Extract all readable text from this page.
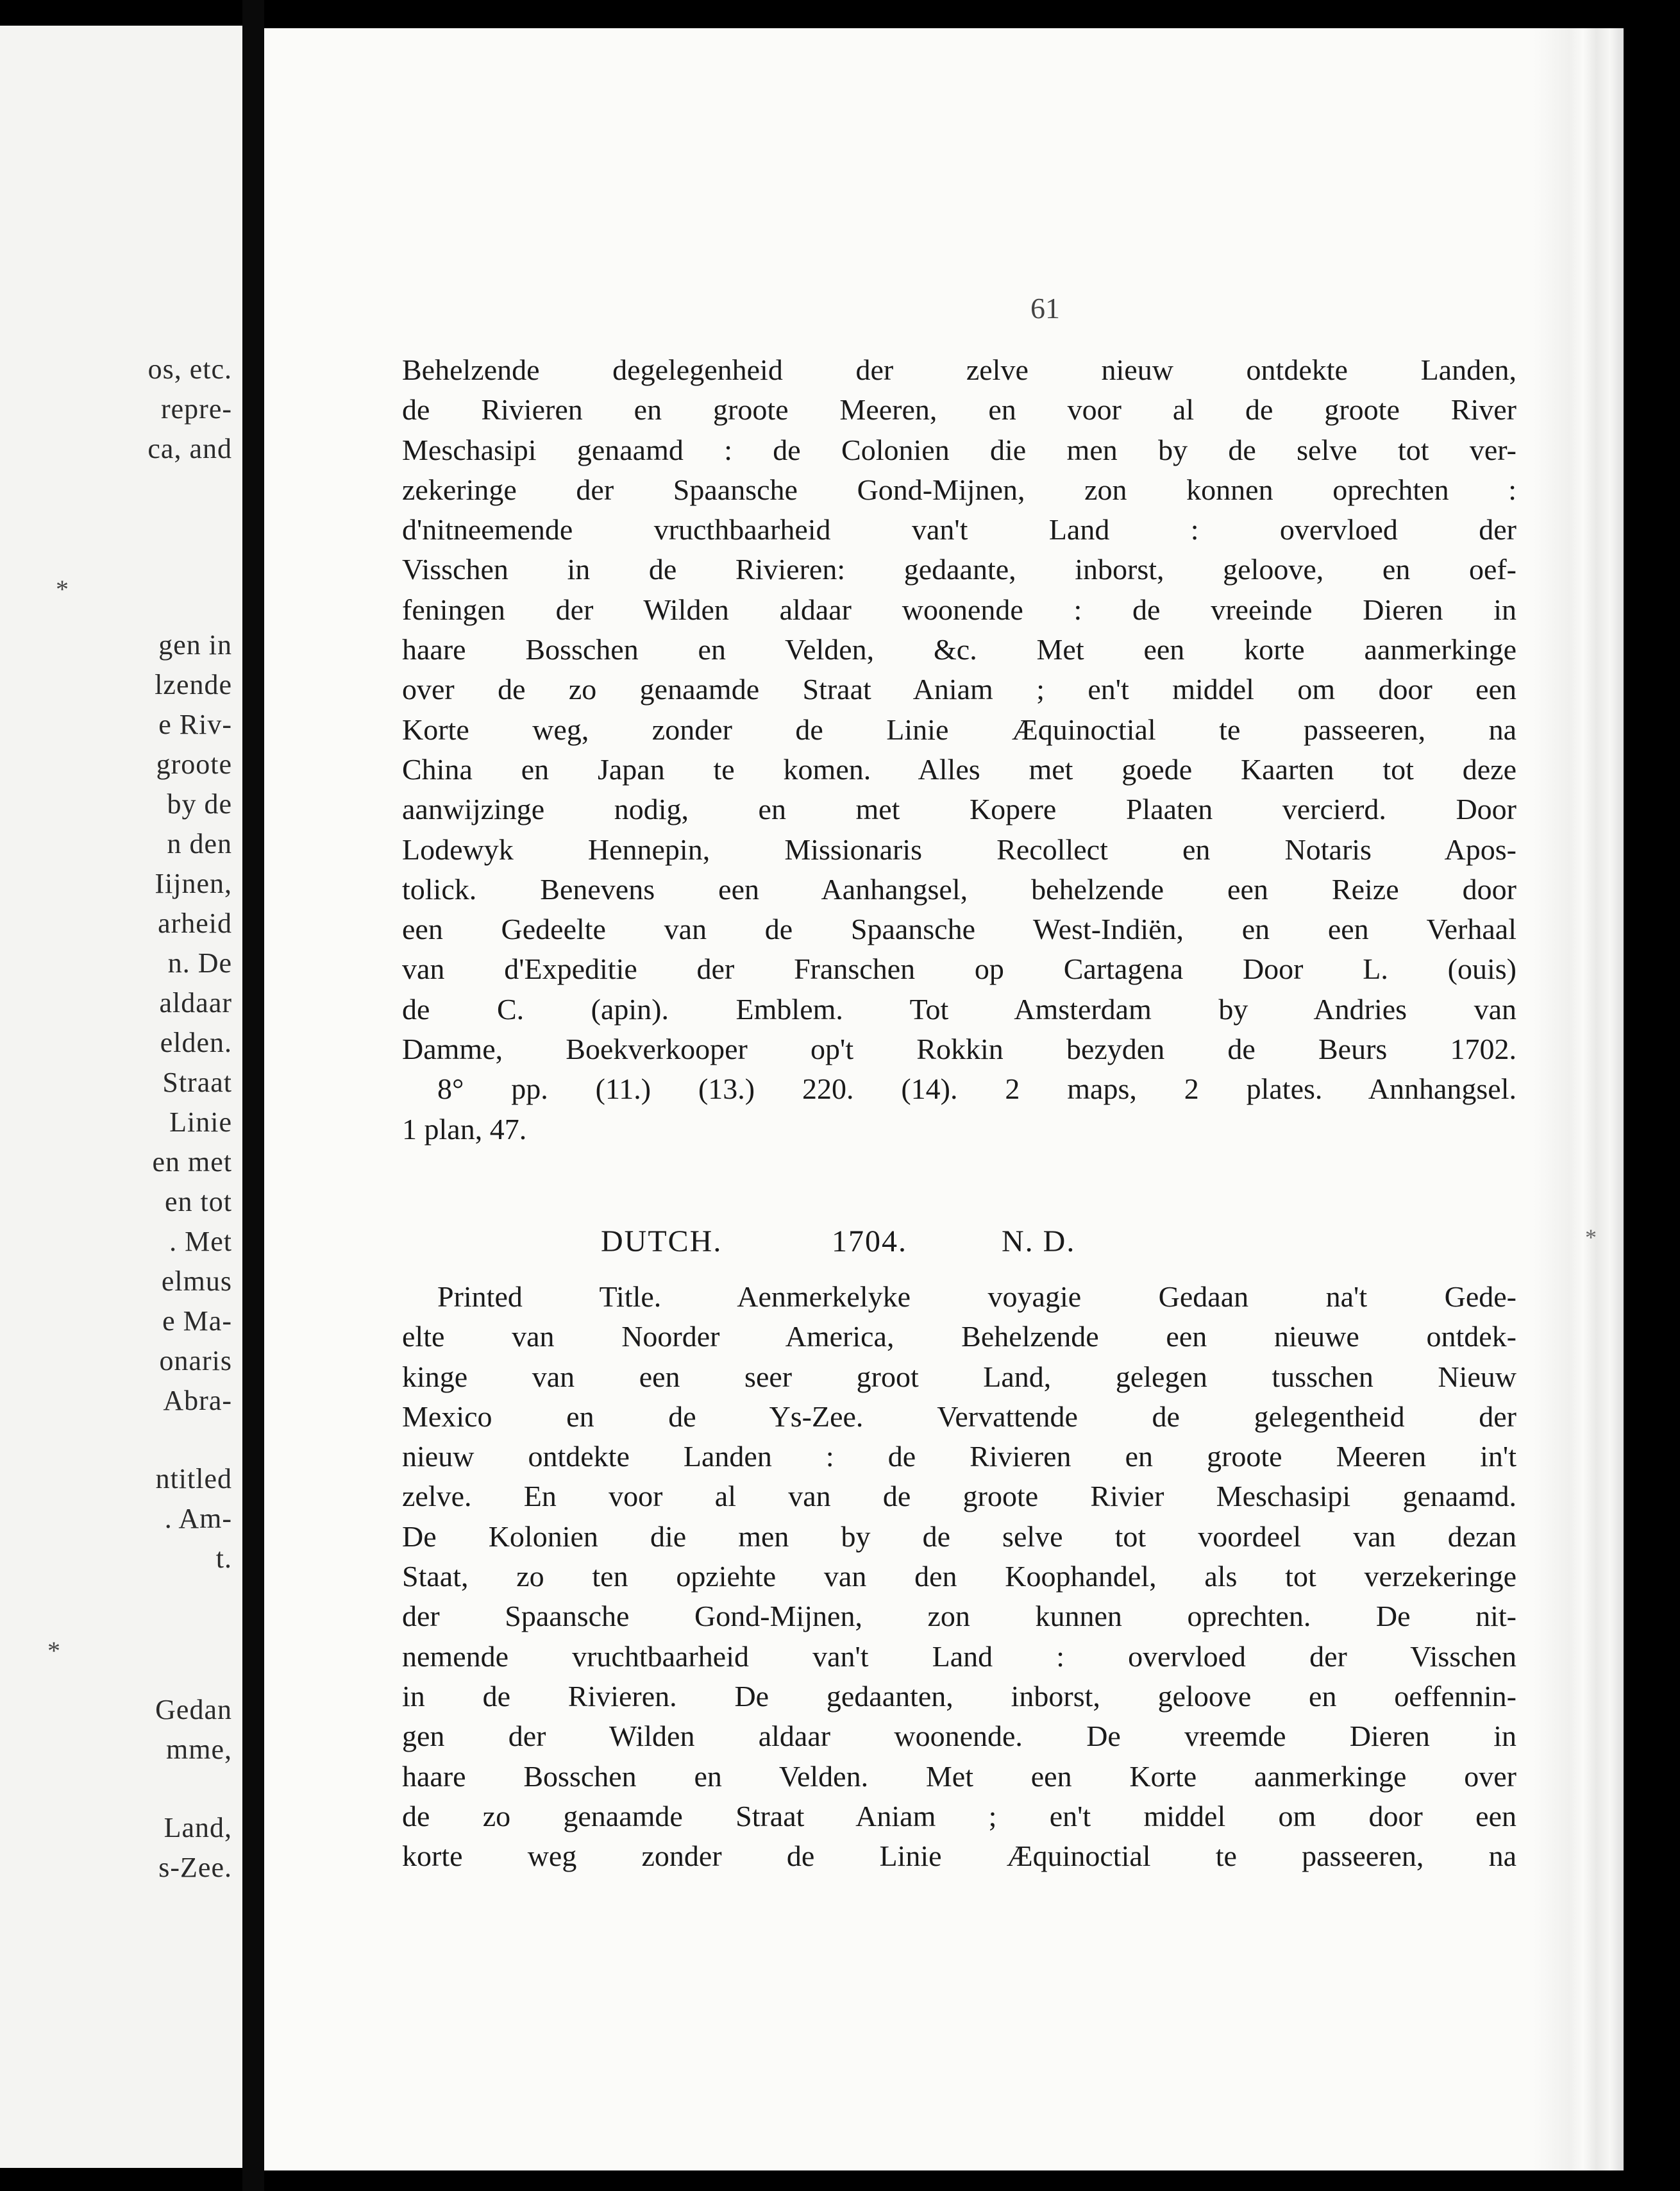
os, etc.
repre-
ca, and
*
gen in
lzende
e Riv-
groote
by de
n den
Iijnen,
arheid
n. De
aldaar
elden.
Straat
Linie
en met
en tot
. Met
elmus
e Ma-
onaris
Abra-
ntitled
. Am-
t.
*
Gedan
mme,
Land,
s-Zee.
61
Behelzende degelegenheid der zelve nieuw ontdekte Landen,
de Rivieren en groote Meeren, en voor al de groote River
Meschasipi genaamd : de Colonien die men by de selve tot ver-
zekeringe der Spaansche Gond-Mijnen, zon konnen oprechten :
d'nitneemende vructhbaarheid van't Land : overvloed der
Visschen in de Rivieren: gedaante, inborst, geloove, en oef-
feningen der Wilden aldaar woonende : de vreeinde Dieren in
haare Bosschen en Velden, &c. Met een korte aanmerkinge
over de zo genaamde Straat Aniam ; en't middel om door een
Korte weg, zonder de Linie Æquinoctial te passeeren, na
China en Japan te komen. Alles met goede Kaarten tot deze
aanwijzinge nodig, en met Kopere Plaaten vercierd. Door
Lodewyk Hennepin, Missionaris Recollect en Notaris Apos-
tolick. Benevens een Aanhangsel, behelzende een Reize door
een Gedeelte van de Spaansche West-Indiën, en een Verhaal
van d'Expeditie der Franschen op Cartagena Door L. (ouis)
de C. (apin). Emblem. Tot Amsterdam by Andries van
Damme, Boekverkooper op't Rokkin bezyden de Beurs 1702.
8° pp. (11.) (13.) 220. (14). 2 maps, 2 plates. Annhangsel.
1 plan, 47.
DUTCH.	1704.	N. D.	*
Printed Title. Aenmerkelyke voyagie Gedaan na't Gede-
elte van Noorder America, Behelzende een nieuwe ontdek-
kinge van een seer groot Land, gelegen tusschen Nieuw
Mexico en de Ys-Zee. Vervattende de gelegentheid der
nieuw ontdekte Landen : de Rivieren en groote Meeren in't
zelve. En voor al van de groote Rivier Meschasipi genaamd.
De Kolonien die men by de selve tot voordeel van dezan
Staat, zo ten opziehte van den Koophandel, als tot verzekeringe
der Spaansche Gond-Mijnen, zon kunnen oprechten. De nit-
nemende vruchtbaarheid van't Land : overvloed der Visschen
in de Rivieren. De gedaanten, inborst, geloove en oeffennin-
gen der Wilden aldaar woonende. De vreemde Dieren in
haare Bosschen en Velden. Met een Korte aanmerkinge over
de zo genaamde Straat Aniam ; en't middel om door een
korte weg zonder de Linie Æquinoctial te passeeren, na
